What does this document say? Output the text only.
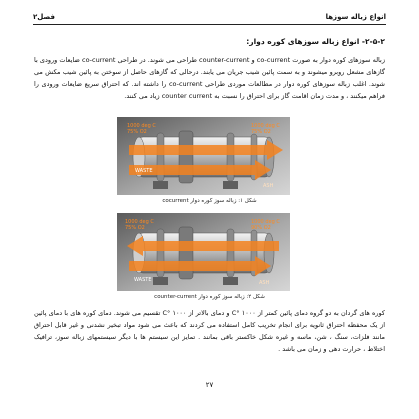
انواع زباله سوزها
فصل۲
۲-۵-۲- انواع زباله سوزهای کوره دوار:

زباله سوزهای کوره دوار به صورت co-current و counter-current طراحی می شوند. در طراحی co-current ضایعات ورودی با گازهای مشعل روبرو میشوند و به سمت پائین شیب جریان می یابند. درحالی که گازهای حاصل از سوختن به پائین شیب مکش می شوند. اغلب زباله سوزهای کوره دوار در مطالعات موردی طراحی co-current را داشته اند. که احتراق سریع ضایعات ورودی را فراهم میکنند ، و مدت زمان اقامت گاز برای احتراق را نسبت به counter current زیاد می کنند.

1000 deg C
75% O2
1000 deg C
75% O2
WASTE
ASH
شکل ۱: زباله سوز کوره دوار cocurrent
1000 deg C
75% O2
1000 deg C
90% O2
WASTE	ASH
شکل ۲: زباله سوز کوره دوار counter-current

کوره های گردان به دو گروه دمای پائین کمتر از ۱۰۰۰ °C و دمای بالاتر از ۱۰۰۰ °C تقسیم می شوند. دمای کوره های با دمای پائین از یک محفظه احتراق ثانویه برای انجام تخریب کامل استفاده می کردند که باعث می شود مواد تبخیر نشدنی و غیر قابل احتراق مانند فلزات، سنگ ، شن، ماسه و غیره شکل خاکستر باقی بمانند . تمایز این سیستم ها با دیگر سیستمهای زباله سوز، ترافیک اختلاط ، حرارت دهی و زمان می باشد .

۲۷
